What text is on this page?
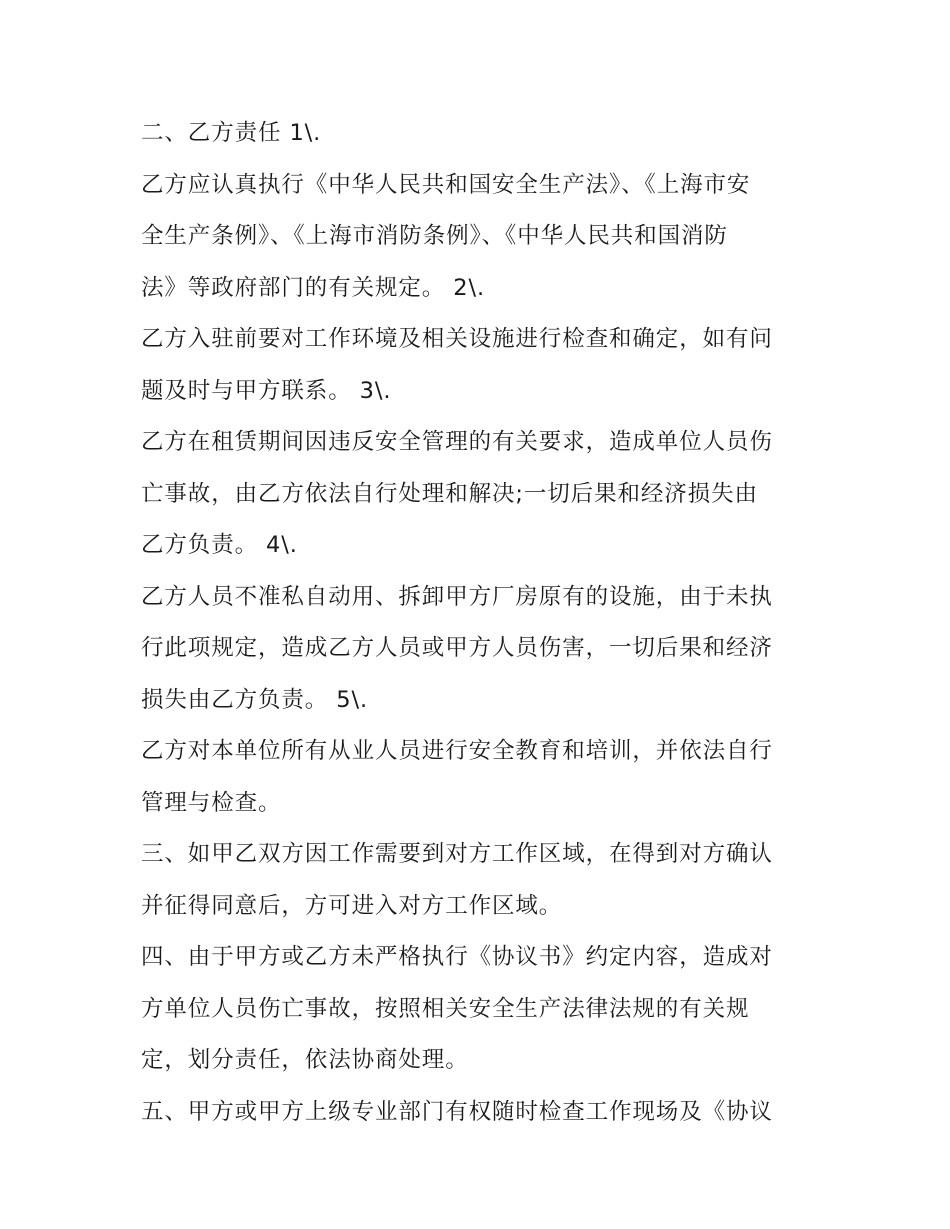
二、乙方责任 1\.
乙方应认真执行《中华人民共和国安全生产法》、《上海市安
全生产条例》、《上海市消防条例》、《中华人民共和国消防
法》等政府部门的有关规定。 2\.
乙方入驻前要对工作环境及相关设施进行检查和确定，如有问
题及时与甲方联系。 3\.
乙方在租赁期间因违反安全管理的有关要求，造成单位人员伤
亡事故，由乙方依法自行处理和解决;一切后果和经济损失由
乙方负责。 4\.
乙方人员不准私自动用、拆卸甲方厂房原有的设施，由于未执
行此项规定，造成乙方人员或甲方人员伤害，一切后果和经济
损失由乙方负责。 5\.
乙方对本单位所有从业人员进行安全教育和培训，并依法自行
管理与检查。
三、如甲乙双方因工作需要到对方工作区域，在得到对方确认
并征得同意后，方可进入对方工作区域。
四、由于甲方或乙方未严格执行《协议书》约定内容，造成对
方单位人员伤亡事故，按照相关安全生产法律法规的有关规
定，划分责任，依法协商处理。
五、甲方或甲方上级专业部门有权随时检查工作现场及《协议
